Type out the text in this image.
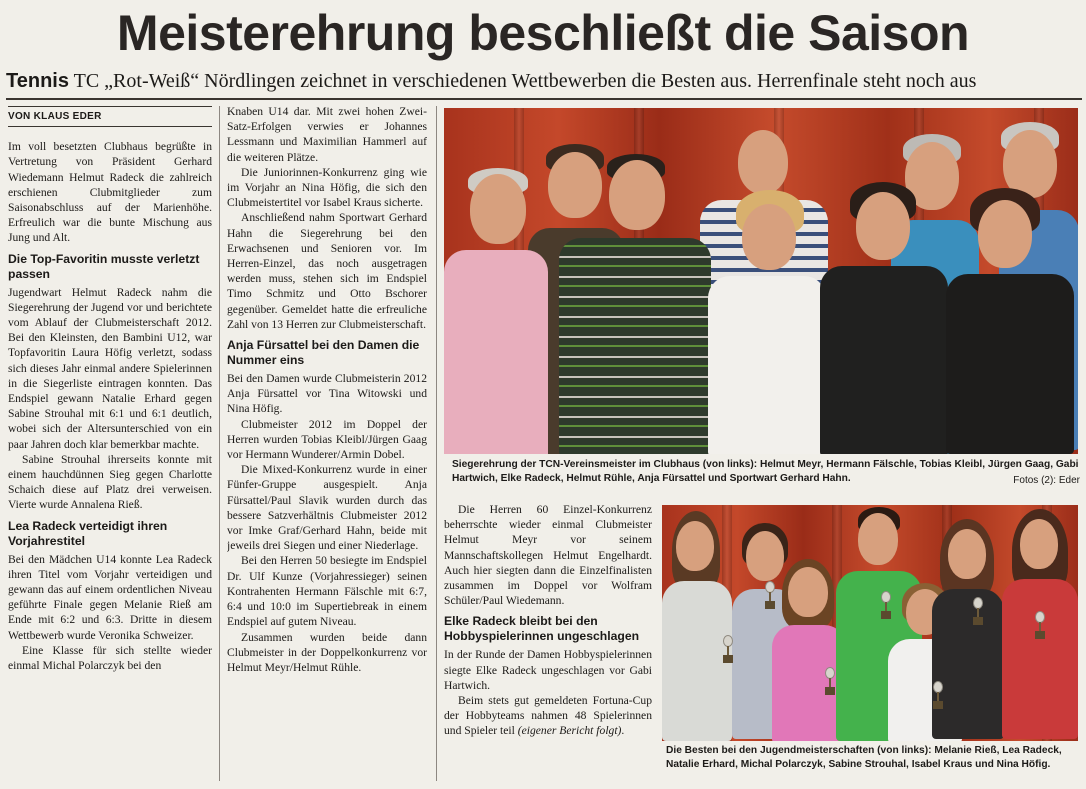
Meisterehrung beschließt die Saison
Tennis TC „Rot-Weiß“ Nördlingen zeichnet in verschiedenen Wettbewerben die Besten aus. Herrenfinale steht noch aus
VON KLAUS EDER

Im voll besetzten Clubhaus begrüßte in Vertretung von Präsident Gerhard Wiedemann Helmut Radeck die zahlreich erschienen Clubmitglieder zum Saisonabschluss auf der Marienhöhe. Erfreulich war die bunte Mischung aus Jung und Alt.

Die Top-Favoritin musste verletzt passen

Jugendwart Helmut Radeck nahm die Siegerehrung der Jugend vor und berichtete vom Ablauf der Clubmeisterschaft 2012. Bei den Kleinsten, den Bambini U12, war Topfavoritin Laura Höfig verletzt, sodass sich dieses Jahr einmal andere Spielerinnen in die Siegerliste eintragen konnten. Das Endspiel gewann Natalie Erhard gegen Sabine Strouhal mit 6:1 und 6:1 deutlich, wobei sich der Altersunterschied von ein paar Jahren doch klar bemerkbar machte.

Sabine Strouhal ihrerseits konnte mit einem hauchdünnen Sieg gegen Charlotte Schaich diese auf Platz drei verweisen. Vierte wurde Annalena Rieß.

Lea Radeck verteidigt ihren Vorjahrestitel

Bei den Mädchen U14 konnte Lea Radeck ihren Titel vom Vorjahr verteidigen und gewann das auf einem ordentlichen Niveau geführte Finale gegen Melanie Rieß am Ende mit 6:2 und 6:3. Dritte in diesem Wettbewerb wurde Veronika Schweizer.

Eine Klasse für sich stellte wieder einmal Michal Polarczyk bei den

Knaben U14 dar. Mit zwei hohen Zwei-Satz-Erfolgen verwies er Johannes Lessmann und Maximilian Hammerl auf die weiteren Plätze.

Die Juniorinnen-Konkurrenz ging wie im Vorjahr an Nina Höfig, die sich den Clubmeistertitel vor Isabel Kraus sicherte.

Anschließend nahm Sportwart Gerhard Hahn die Siegerehrung bei den Erwachsenen und Senioren vor. Im Herren-Einzel, das noch ausgetragen werden muss, stehen sich im Endspiel Timo Schmitz und Otto Bschorer gegenüber. Gemeldet hatte die erfreuliche Zahl von 13 Herren zur Clubmeisterschaft.

Anja Fürsattel bei den Damen die Nummer eins

Bei den Damen wurde Clubmeisterin 2012 Anja Fürsattel vor Tina Witowski und Nina Höfig.

Clubmeister 2012 im Doppel der Herren wurden Tobias Kleibl/Jürgen Gaag vor Hermann Wunderer/Armin Dobel.

Die Mixed-Konkurrenz wurde in einer Fünfer-Gruppe ausgespielt. Anja Fürsattel/Paul Slavik wurden durch das bessere Satzverhältnis Clubmeister 2012 vor Imke Graf/Gerhard Hahn, beide mit jeweils drei Siegen und einer Niederlage.

Bei den Herren 50 besiegte im Endspiel Dr. Ulf Kunze (Vorjahressieger) seinen Kontrahenten Hermann Fälschle mit 6:7, 6:4 und 10:0 im Supertiebreak in einem Endspiel auf gutem Niveau.

Zusammen wurden beide dann Clubmeister in der Doppelkonkurrenz vor Helmut Meyr/Helmut Rühle.

Siegerehrung der TCN-Vereinsmeister im Clubhaus (von links): Helmut Meyr, Hermann Fälschle, Tobias Kleibl, Jürgen Gaag, Gabi Hartwich, Elke Radeck, Helmut Rühle, Anja Fürsattel und Sportwart Gerhard Hahn.	Fotos (2): Eder

Die Herren 60 Einzel-Konkurrenz beherrschte wieder einmal Clubmeister Helmut Meyr vor seinem Mannschaftskollegen Helmut Engelhardt. Auch hier siegten dann die Einzelfinalisten zusammen im Doppel vor Wolfram Schüler/Paul Wiedemann.

Elke Radeck bleibt bei den Hobbyspielerinnen ungeschlagen

In der Runde der Damen Hobbyspielerinnen siegte Elke Radeck ungeschlagen vor Gabi Hartwich.

Beim stets gut gemeldeten Fortuna-Cup der Hobbyteams nahmen 48 Spielerinnen und Spieler teil (eigener Bericht folgt).

Die Besten bei den Jugendmeisterschaften (von links): Melanie Rieß, Lea Radeck, Natalie Erhard, Michal Polarczyk, Sabine Strouhal, Isabel Kraus und Nina Höfig.
